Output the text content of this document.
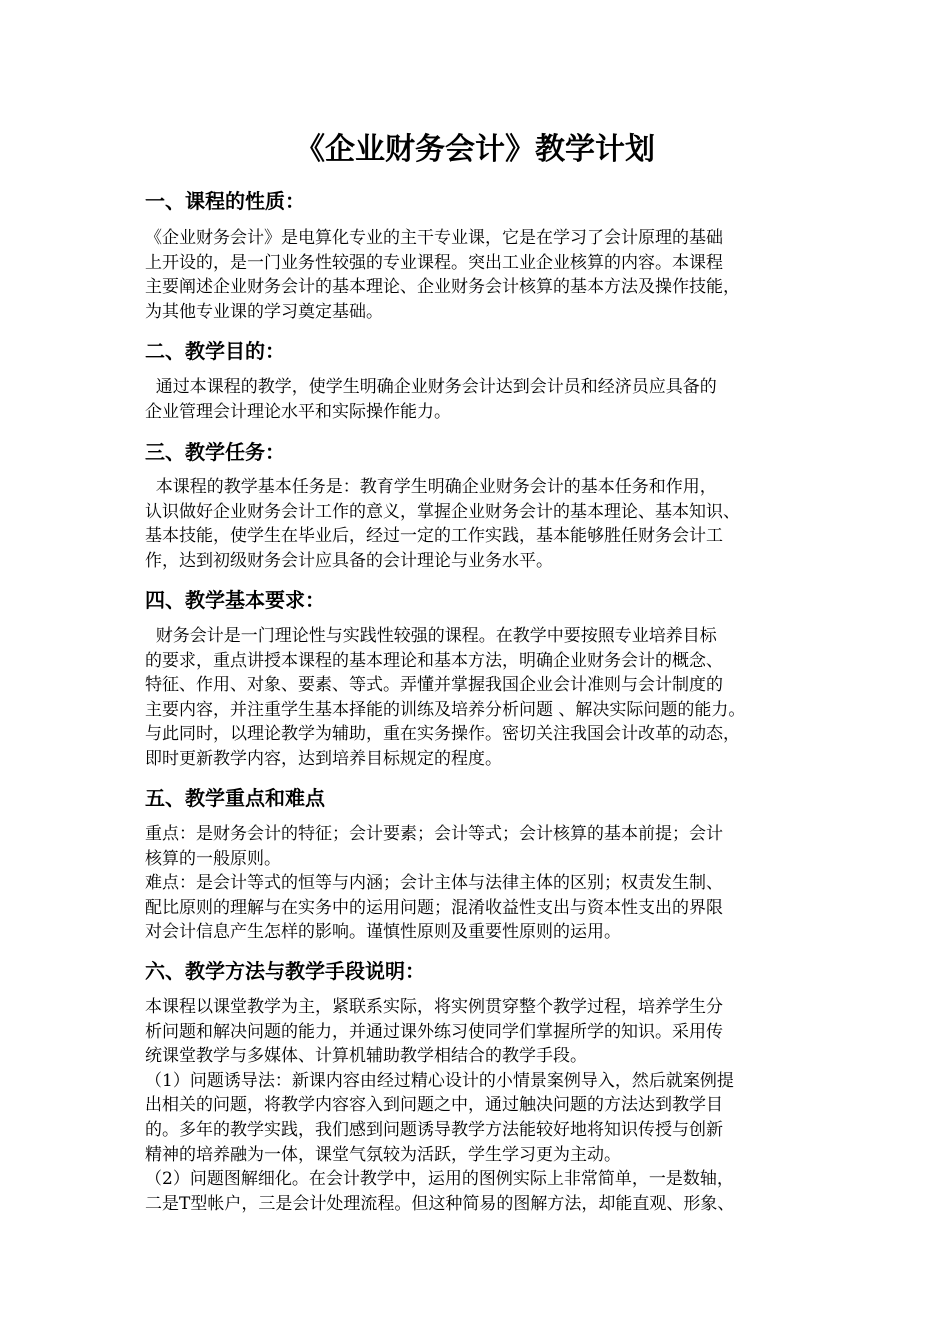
《企业财务会计》教学计划
一、课程的性质：
《企业财务会计》是电算化专业的主干专业课，它是在学习了会计原理的基础
上开设的，是一门业务性较强的专业课程。突出工业企业核算的内容。本课程
主要阐述企业财务会计的基本理论、企业财务会计核算的基本方法及操作技能，
为其他专业课的学习奠定基础。
二、教学目的：
通过本课程的教学，使学生明确企业财务会计达到会计员和经济员应具备的
企业管理会计理论水平和实际操作能力。
三、教学任务：
本课程的教学基本任务是：教育学生明确企业财务会计的基本任务和作用，
认识做好企业财务会计工作的意义，掌握企业财务会计的基本理论、基本知识、
基本技能，使学生在毕业后，经过一定的工作实践，基本能够胜任财务会计工
作，达到初级财务会计应具备的会计理论与业务水平。
四、教学基本要求：
财务会计是一门理论性与实践性较强的课程。在教学中要按照专业培养目标
的要求，重点讲授本课程的基本理论和基本方法，明确企业财务会计的概念、
特征、作用、对象、要素、等式。弄懂并掌握我国企业会计准则与会计制度的
主要内容，并注重学生基本择能的训练及培养分析问题 、解决实际问题的能力。
与此同时，以理论教学为辅助，重在实务操作。密切关注我国会计改革的动态，
即时更新教学内容，达到培养目标规定的程度。
五、教学重点和难点
重点：是财务会计的特征；会计要素；会计等式；会计核算的基本前提；会计
核算的一般原则。
难点：是会计等式的恒等与内涵；会计主体与法律主体的区别；权责发生制、
配比原则的理解与在实务中的运用问题；混淆收益性支出与资本性支出的界限
对会计信息产生怎样的影响。谨慎性原则及重要性原则的运用。
六、教学方法与教学手段说明：
本课程以课堂教学为主，紧联系实际，将实例贯穿整个教学过程，培养学生分
析问题和解决问题的能力，并通过课外练习使同学们掌握所学的知识。采用传
统课堂教学与多媒体、计算机辅助教学相结合的教学手段。
（1）问题诱导法：新课内容由经过精心设计的小情景案例导入，然后就案例提
出相关的问题，将教学内容容入到问题之中，通过触决问题的方法达到教学目
的。多年的教学实践，我们感到问题诱导教学方法能较好地将知识传授与创新
精神的培养融为一体，课堂气氛较为活跃，学生学习更为主动。
（2）问题图解细化。在会计教学中，运用的图例实际上非常简单，一是数轴，
二是T型帐户，三是会计处理流程。但这种简易的图解方法，却能直观、形象、
